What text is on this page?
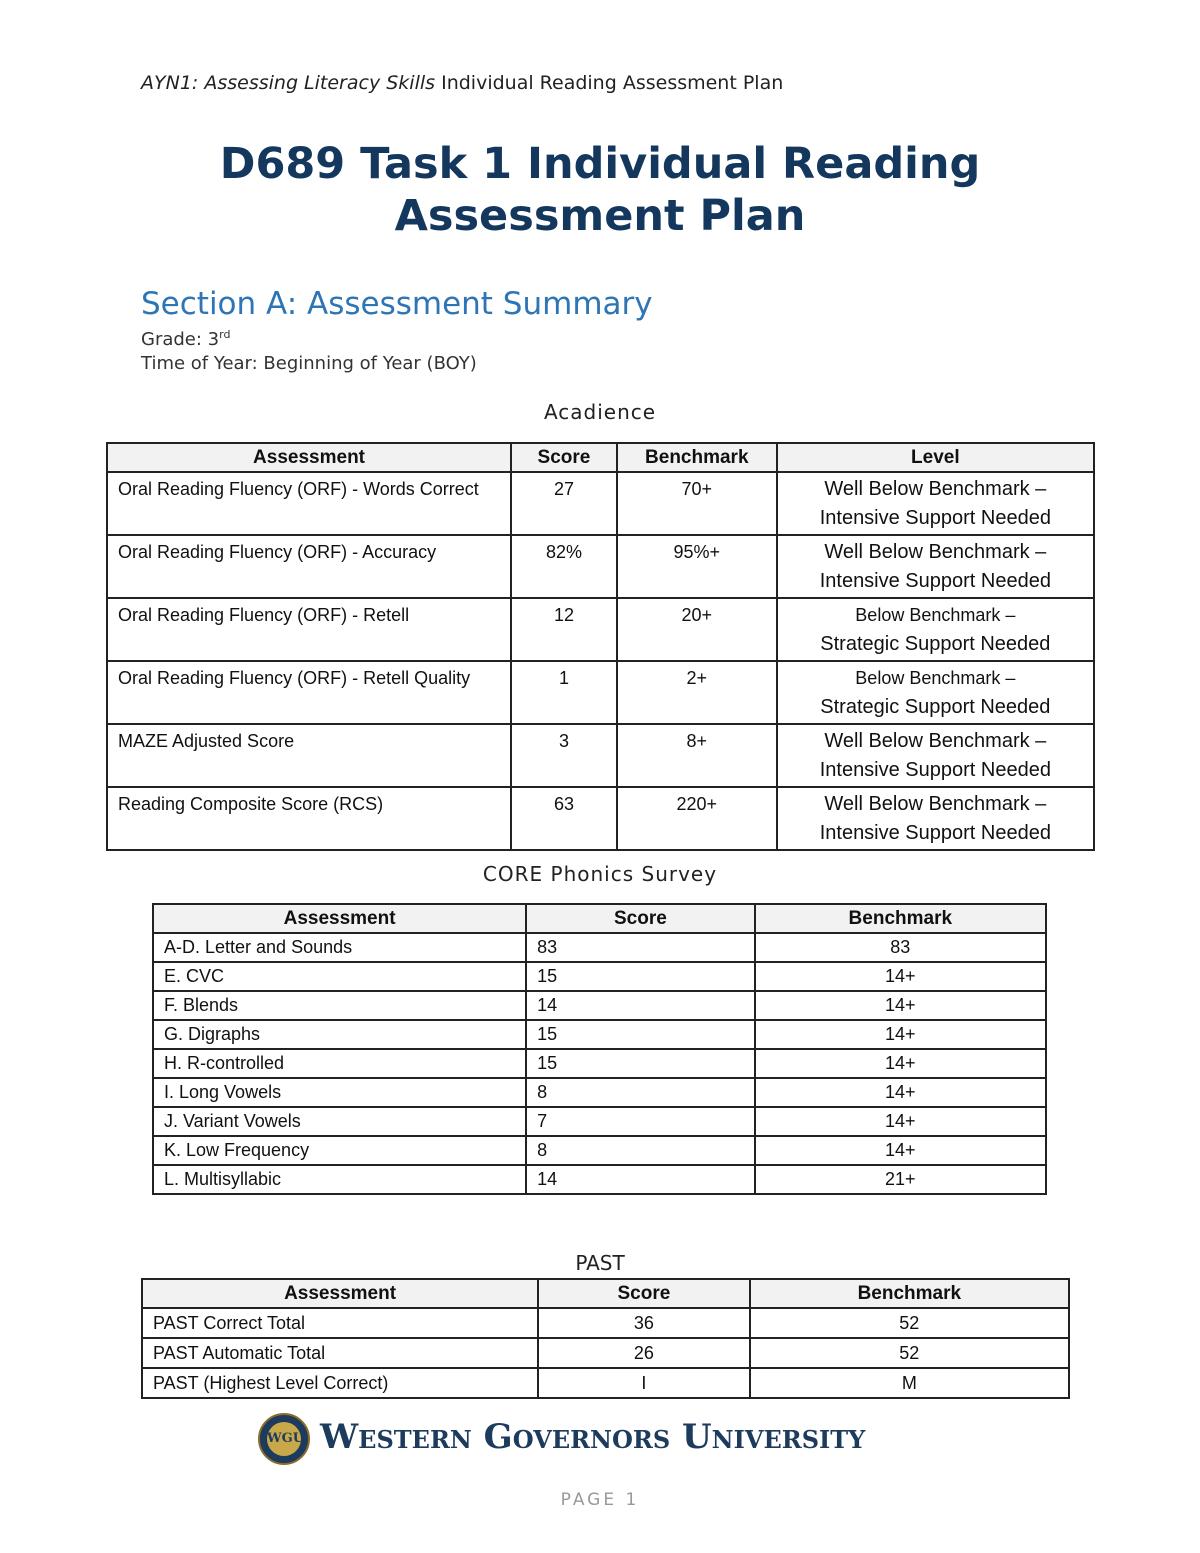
AYN1: Assessing Literacy Skills Individual Reading Assessment Plan
D689 Task 1 Individual Reading
Assessment Plan
Section A: Assessment Summary
Grade: 3rd
Time of Year: Beginning of Year (BOY)
Acadience
Assessment	Score	Benchmark	Level
Oral Reading Fluency (ORF) - Words Correct	27	70+	Well Below Benchmark –
Intensive Support Needed
Oral Reading Fluency (ORF) - Accuracy	82%	95%+	Well Below Benchmark –
Intensive Support Needed
Oral Reading Fluency (ORF) - Retell	12	20+	Below Benchmark –
Strategic Support Needed
Oral Reading Fluency (ORF) - Retell Quality	1	2+	Below Benchmark –
Strategic Support Needed
MAZE Adjusted Score	3	8+	Well Below Benchmark –
Intensive Support Needed
Reading Composite Score (RCS)	63	220+	Well Below Benchmark –
Intensive Support Needed
CORE Phonics Survey
Assessment	Score	Benchmark
A-D. Letter and Sounds	83	83
E. CVC	15	14+
F. Blends	14	14+
G. Digraphs	15	14+
H. R-controlled	15	14+
I. Long Vowels	8	14+
J. Variant Vowels	7	14+
K. Low Frequency	8	14+
L. Multisyllabic	14	21+
PAST
Assessment	Score	Benchmark
PAST Correct Total	36	52
PAST Automatic Total	26	52
PAST (Highest Level Correct)	I	M
WGU Western Governors University
PAGE 1
